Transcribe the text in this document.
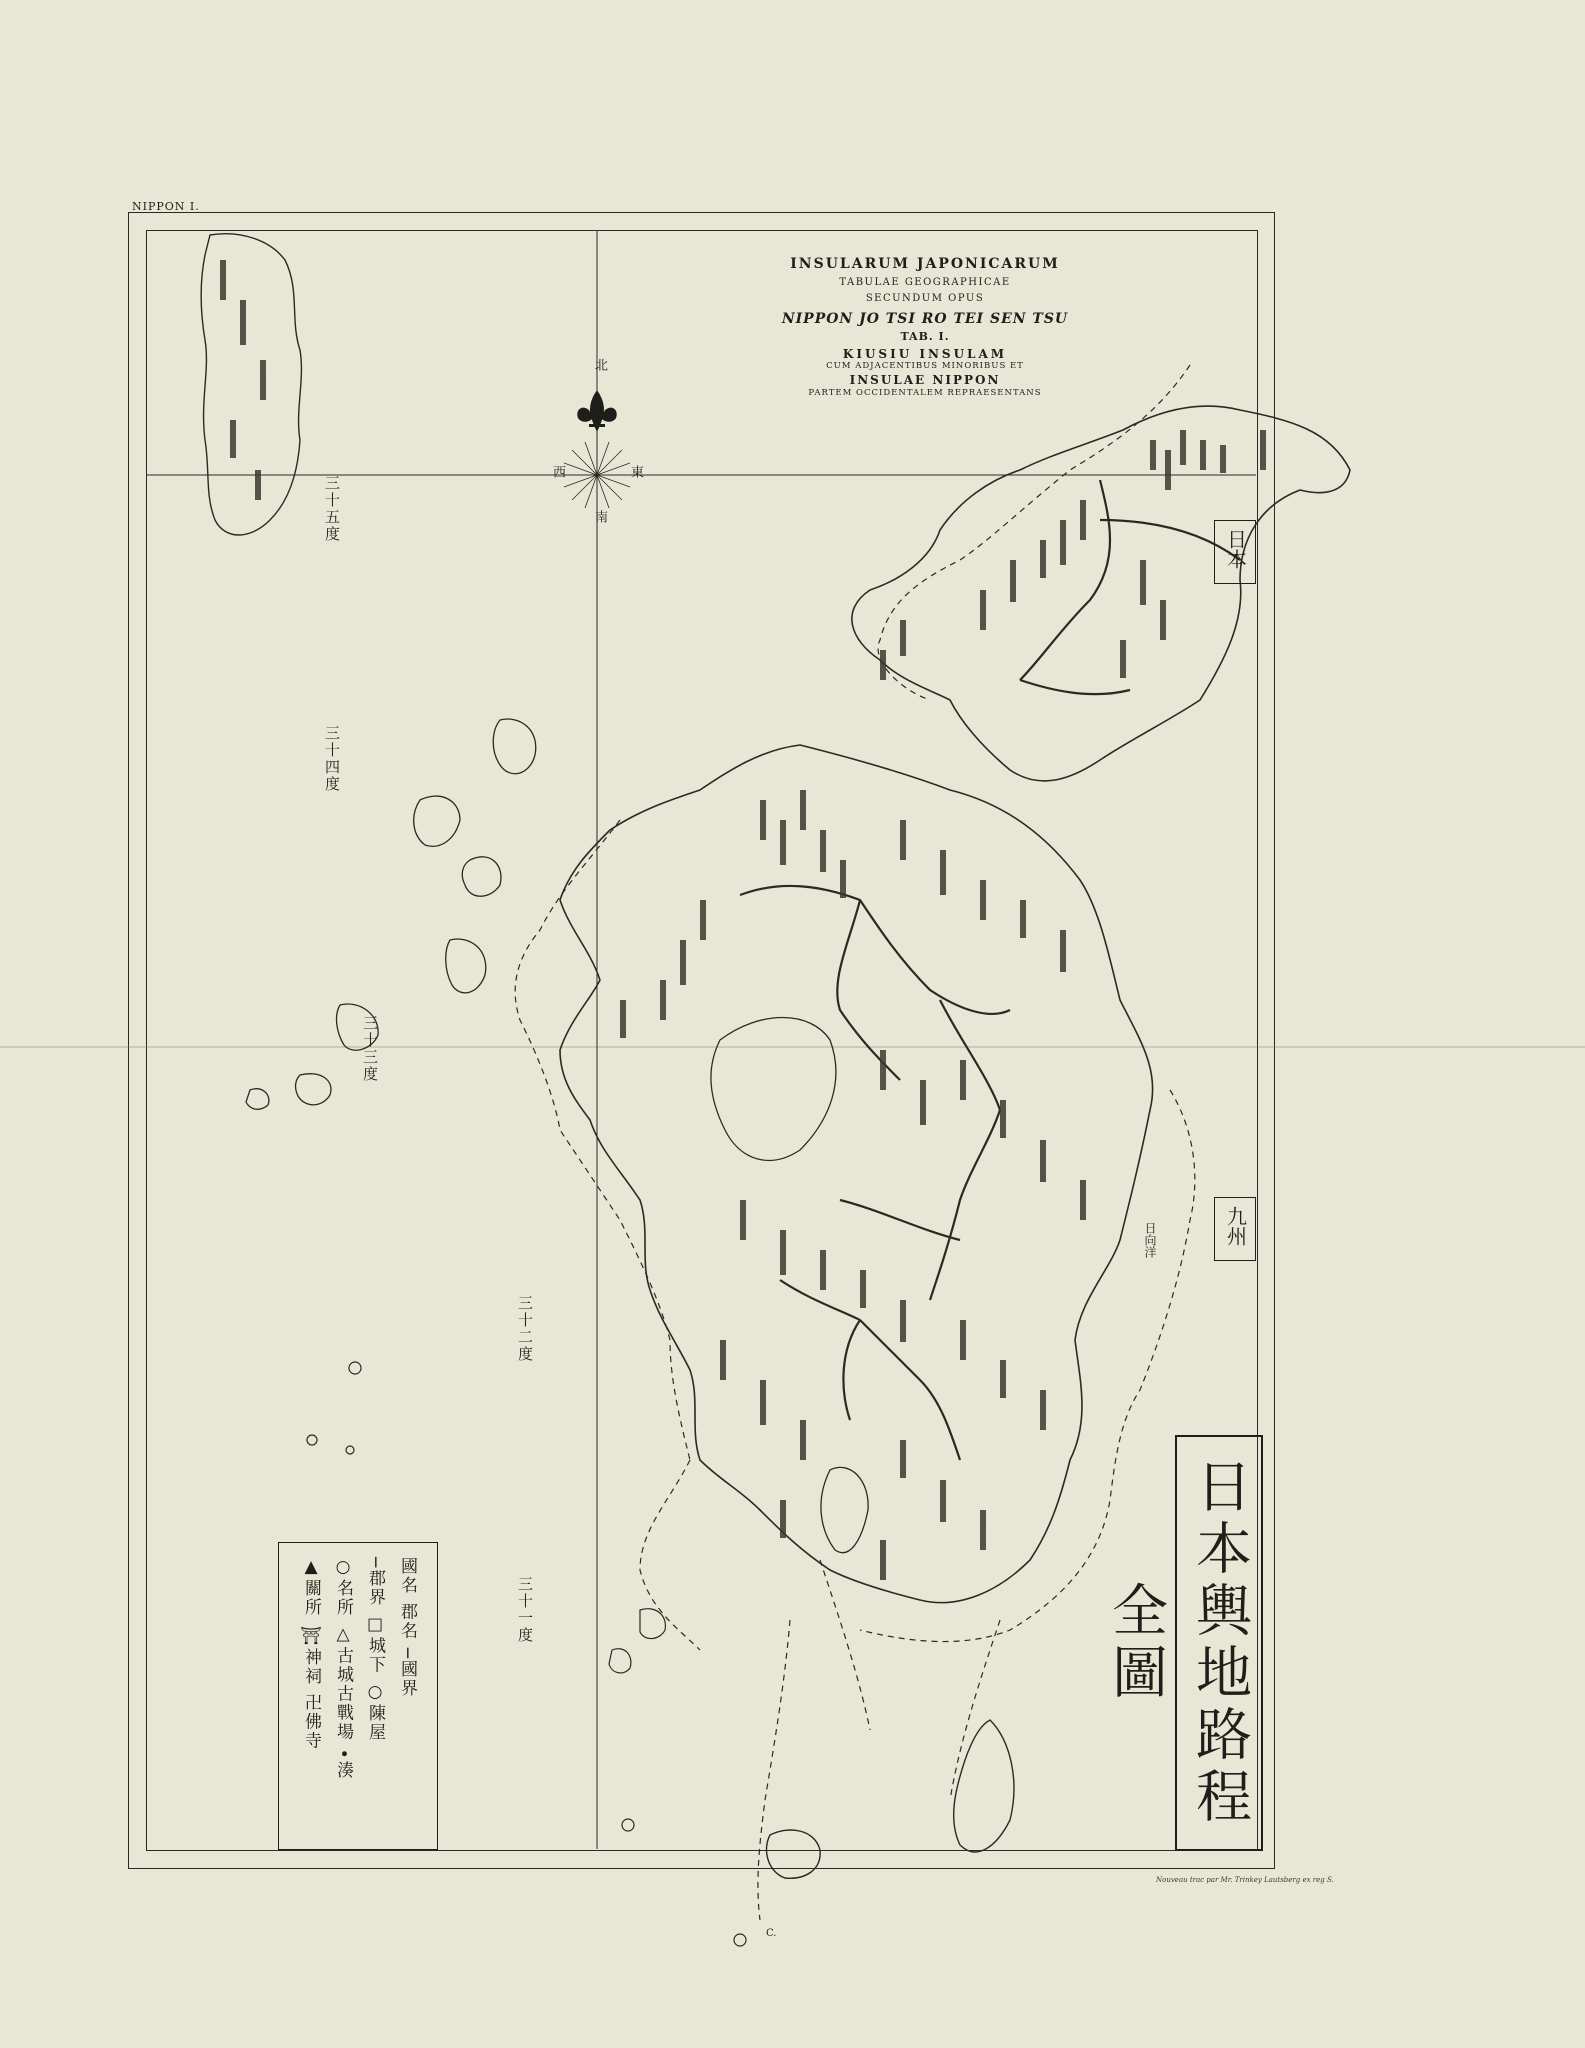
NIPPON I.
INSULARUM JAPONICARUM
TABULAE GEOGRAPHICAE
SECUNDUM OPUS
NIPPON JO TSI RO TEI SEN TSU
TAB. I.
KIUSIU INSULAM
CUM ADJACENTIBUS MINORIBUS ET
INSULAE NIPPON
PARTEM OCCIDENTALEM REPRAESENTANS
東
西
南
北
三十五度
三十四度
三十三度
三十二度
三十一度
日本
九州
日向洋
日本輿地路程全圖
國名 郡名 ─國界
─郡界 □城下 ○陳屋
○名所 △古城古戰場 •湊
▲關所 ⛩神祠 卍佛寺
Nouveau trac par Mr. Trinkey Lautsberg ex reg S.
C.
